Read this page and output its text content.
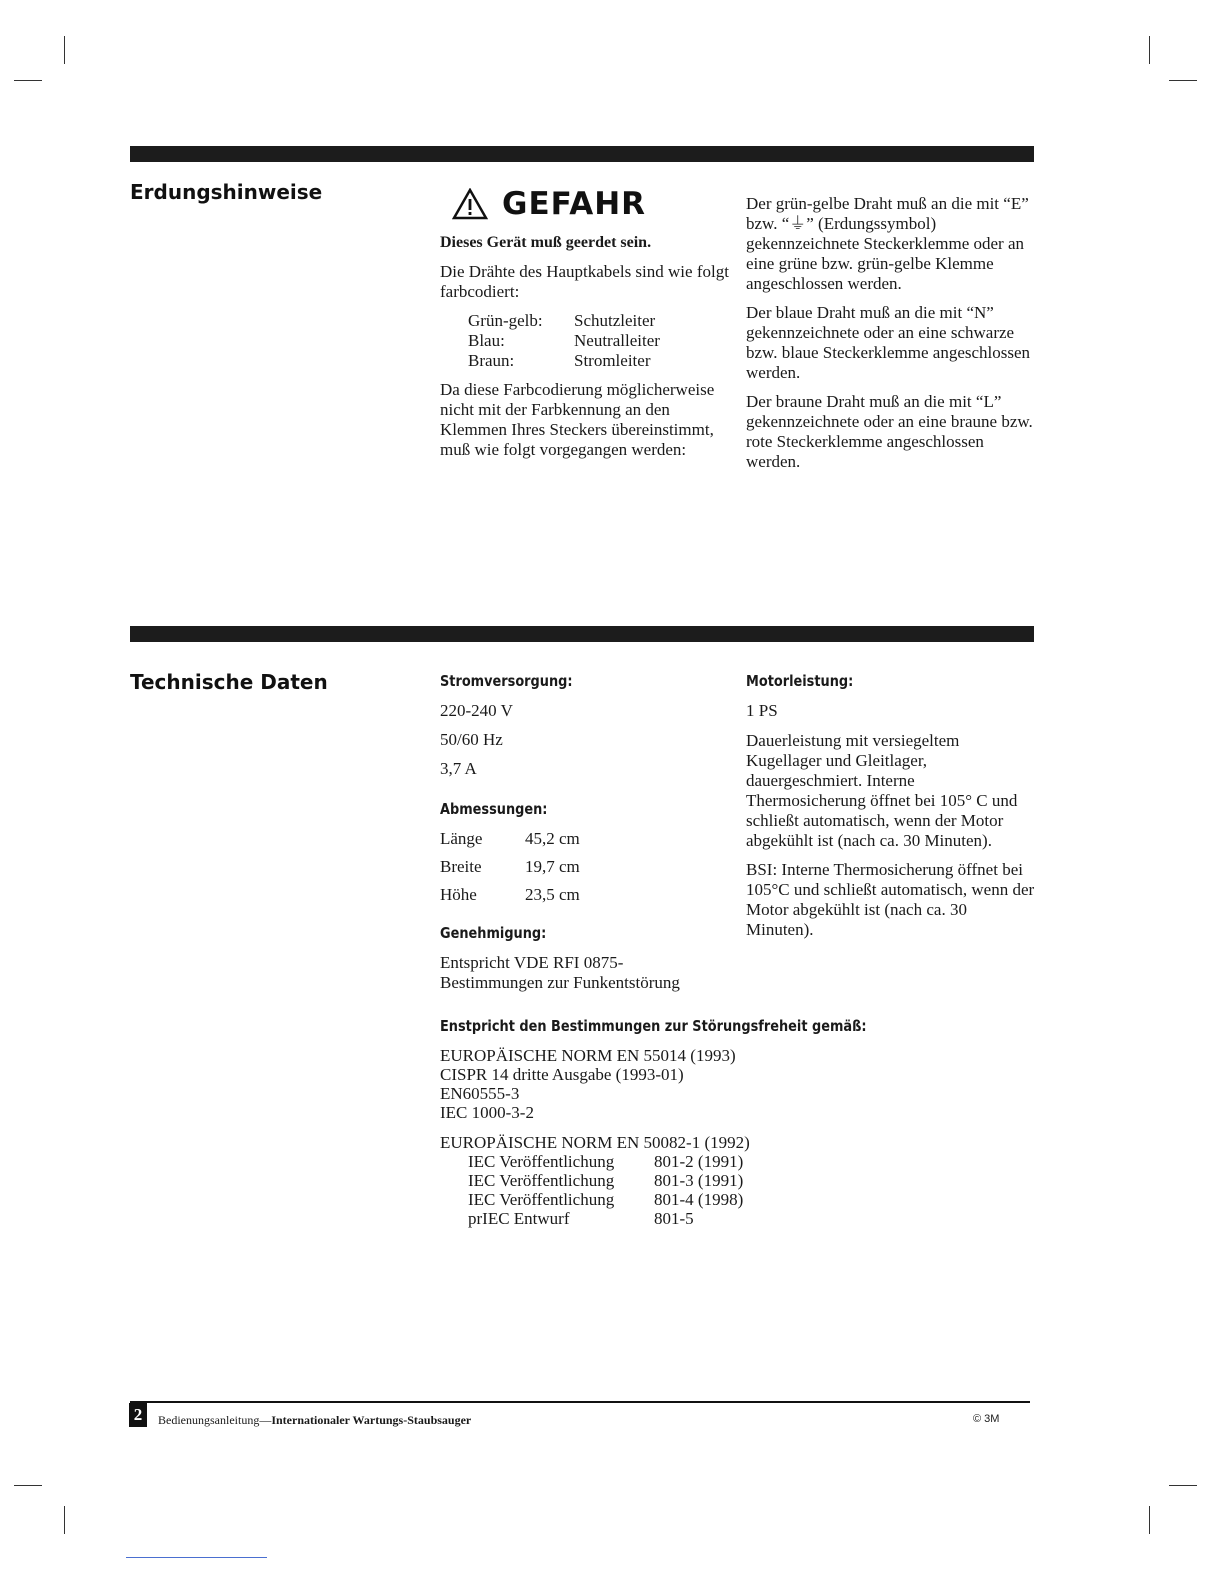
Erdungshinweise	GEFAHR

Dieses Gerät muß geerdet sein.

Die Drähte des Hauptkabels sind wie folgt farbcodiert:

Grün-gelb:	Schutzleiter
Blau:	Neutralleiter
Braun:	Stromleiter

Da diese Farbcodierung möglicherweise nicht mit der Farbkennung an den Klemmen Ihres Steckers übereinstimmt, muß wie folgt vorgegangen werden:

Der grün-gelbe Draht muß an die mit “E” bzw. “⏚” (Erdungssymbol) gekennzeichnete Steckerklemme oder an eine grüne bzw. grün-gelbe Klemme angeschlossen werden.

Der blaue Draht muß an die mit “N” gekennzeichnete oder an eine schwarze bzw. blaue Steckerklemme angeschlossen werden.

Der braune Draht muß an die mit “L” gekennzeichnete oder an eine braune bzw. rote Steckerklemme angeschlossen werden.

Technische Daten	Stromversorgung:
220-240 V
50/60 Hz
3,7 A
Abmessungen:
Länge	45,2 cm
Breite	19,7 cm
Höhe	23,5 cm
Genehmigung:
Entspricht VDE RFI 0875-Bestimmungen zur Funkentstörung
Motorleistung:
1 PS

Dauerleistung mit versiegeltem Kugellager und Gleitlager, dauergeschmiert. Interne Thermosicherung öffnet bei 105° C und schließt automatisch, wenn der Motor abgekühlt ist (nach ca. 30 Minuten).

BSI: Interne Thermosicherung öffnet bei 105°C und schließt automatisch, wenn der Motor abgekühlt ist (nach ca. 30 Minuten).

Enstpricht den Bestimmungen zur Störungsfreheit gemäß:
EUROPÄISCHE NORM EN 55014 (1993)
CISPR 14 dritte Ausgabe (1993-01)
EN60555-3
IEC 1000-3-2
EUROPÄISCHE NORM EN 50082-1 (1992)
IEC Veröffentlichung	801-2 (1991)
IEC Veröffentlichung	801-3 (1991)
IEC Veröffentlichung	801-4 (1998)
prIEC Entwurf	801-5
2	Bedienungsanleitung—Internationaler Wartungs-Staubsauger	© 3M
